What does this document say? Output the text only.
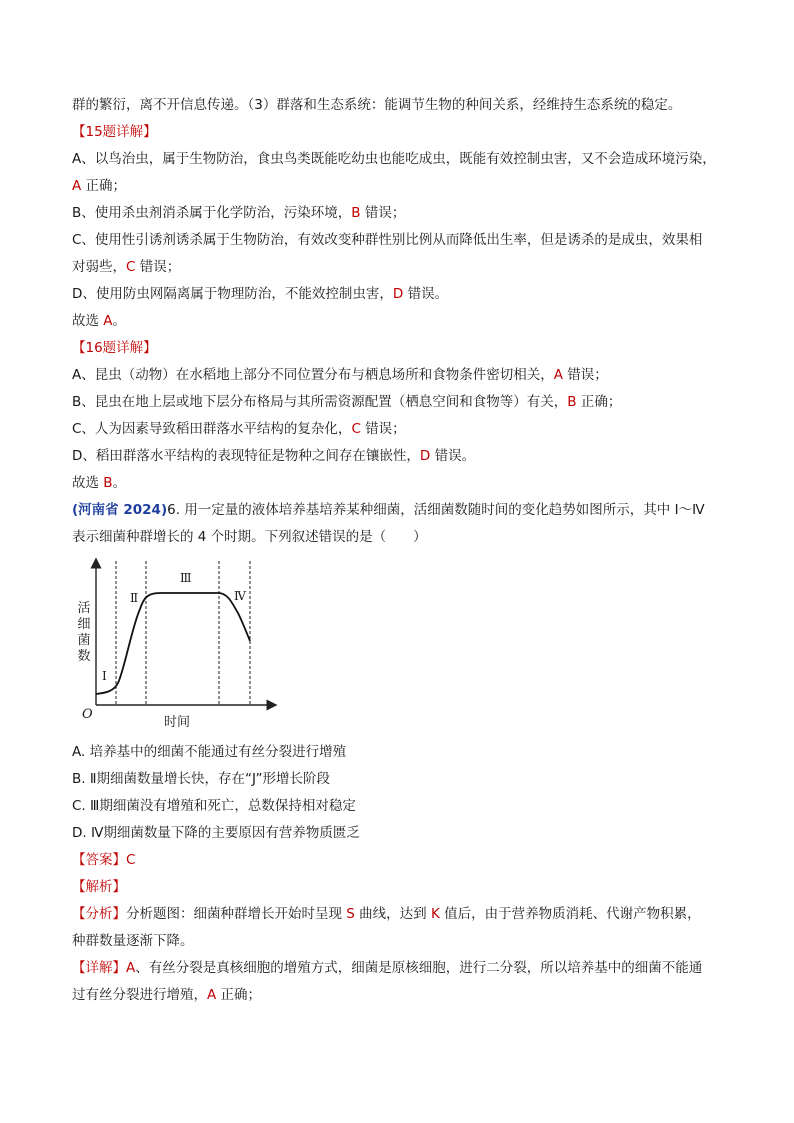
群的繁衍，离不开信息传递。（3）群落和生态系统：能调节生物的种间关系，经维持生态系统的稳定。
【15题详解】
A、以鸟治虫，属于生物防治，食虫鸟类既能吃幼虫也能吃成虫，既能有效控制虫害，又不会造成环境污染，
A 正确；
B、使用杀虫剂消杀属于化学防治，污染环境，B 错误；
C、使用性引诱剂诱杀属于生物防治，有效改变种群性别比例从而降低出生率，但是诱杀的是成虫，效果相
对弱些，C 错误；
D、使用防虫网隔离属于物理防治，不能效控制虫害，D 错误。
故选 A。
【16题详解】
A、昆虫（动物）在水稻地上部分不同位置分布与栖息场所和食物条件密切相关，A 错误；
B、昆虫在地上层或地下层分布格局与其所需资源配置（栖息空间和食物等）有关，B 正确；
C、人为因素导致稻田群落水平结构的复杂化，C 错误；
D、稻田群落水平结构的表现特征是物种之间存在镶嵌性，D 错误。
故选 B。
(河南省 2024)6. 用一定量的液体培养基培养某种细菌，活细菌数随时间的变化趋势如图所示，其中 Ⅰ～Ⅳ
表示细菌种群增长的 4 个时期。下列叙述错误的是（　　）
活细菌数
O
时间
Ⅰ
Ⅱ
Ⅲ
Ⅳ
A. 培养基中的细菌不能通过有丝分裂进行增殖
B. Ⅱ期细菌数量增长快，存在“J”形增长阶段
C. Ⅲ期细菌没有增殖和死亡，总数保持相对稳定
D. Ⅳ期细菌数量下降的主要原因有营养物质匮乏
【答案】C
【解析】
【分析】分析题图：细菌种群增长开始时呈现 S 曲线，达到 K 值后，由于营养物质消耗、代谢产物积累，
种群数量逐渐下降。
【详解】A、有丝分裂是真核细胞的增殖方式，细菌是原核细胞，进行二分裂，所以培养基中的细菌不能通
过有丝分裂进行增殖，A 正确；
